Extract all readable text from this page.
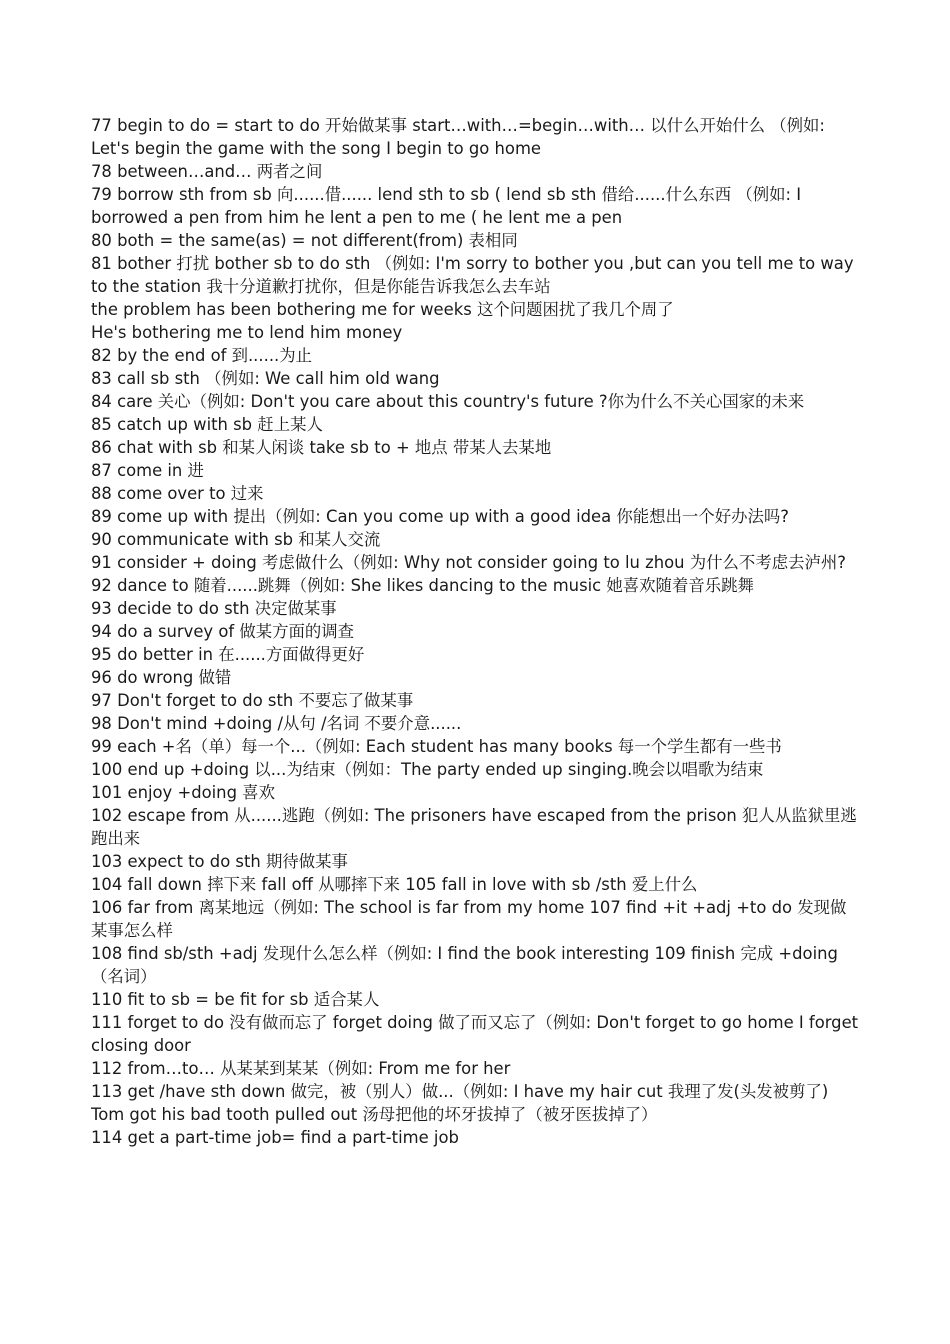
77 begin to do = start to do 开始做某事 start…with…=begin…with… 以什么开始什么 （例如: Let's begin the game with the song I begin to go home

78 between…and… 两者之间

79 borrow sth from sb 向......借...... lend sth to sb ( lend sb sth 借给......什么东西 （例如: I borrowed a pen from him he lent a pen to me ( he lent me a pen

80 both = the same(as) = not different(from) 表相同

81 bother 打扰 bother sb to do sth （例如: I'm sorry to bother you ,but can you tell me to way to the station 我十分道歉打扰你，但是你能告诉我怎么去车站

the problem has been bothering me for weeks 这个问题困扰了我几个周了

He's bothering me to lend him money

82 by the end of 到......为止

83 call sb sth （例如: We call him old wang

84 care 关心（例如: Don't you care about this country's future ?你为什么不关心国家的未来

85 catch up with sb 赶上某人

86 chat with sb 和某人闲谈 take sb to + 地点 带某人去某地

87 come in 进

88 come over to 过来

89 come up with 提出（例如: Can you come up with a good idea 你能想出一个好办法吗?

90 communicate with sb 和某人交流

91 consider + doing 考虑做什么（例如: Why not consider going to lu zhou 为什么不考虑去泸州?

92 dance to 随着......跳舞（例如: She likes dancing to the music 她喜欢随着音乐跳舞

93 decide to do sth 决定做某事

94 do a survey of 做某方面的调查

95 do better in 在......方面做得更好

96 do wrong 做错

97 Don't forget to do sth 不要忘了做某事

98 Don't mind +doing /从句 /名词 不要介意......

99 each +名（单）每一个...（例如: Each student has many books 每一个学生都有一些书

100 end up +doing 以...为结束（例如：The party ended up singing.晚会以唱歌为结束

101 enjoy +doing 喜欢

102 escape from 从......逃跑（例如: The prisoners have escaped from the prison 犯人从监狱里逃跑出来

103 expect to do sth 期待做某事

104 fall down 摔下来 fall off 从哪摔下来 105 fall in love with sb /sth 爱上什么

106 far from 离某地远（例如: The school is far from my home 107 find +it +adj +to do 发现做某事怎么样

108 find sb/sth +adj 发现什么怎么样（例如: I find the book interesting 109 finish 完成 +doing（名词）

110 fit to sb = be fit for sb 适合某人

111 forget to do 没有做而忘了 forget doing 做了而又忘了（例如: Don't forget to go home I forget closing door

112 from…to… 从某某到某某（例如: From me for her

113 get /have sth down 做完，被（别人）做...（例如: I have my hair cut 我理了发(头发被剪了)

Tom got his bad tooth pulled out 汤母把他的坏牙拔掉了（被牙医拔掉了）

114 get a part-time job= find a part-time job
